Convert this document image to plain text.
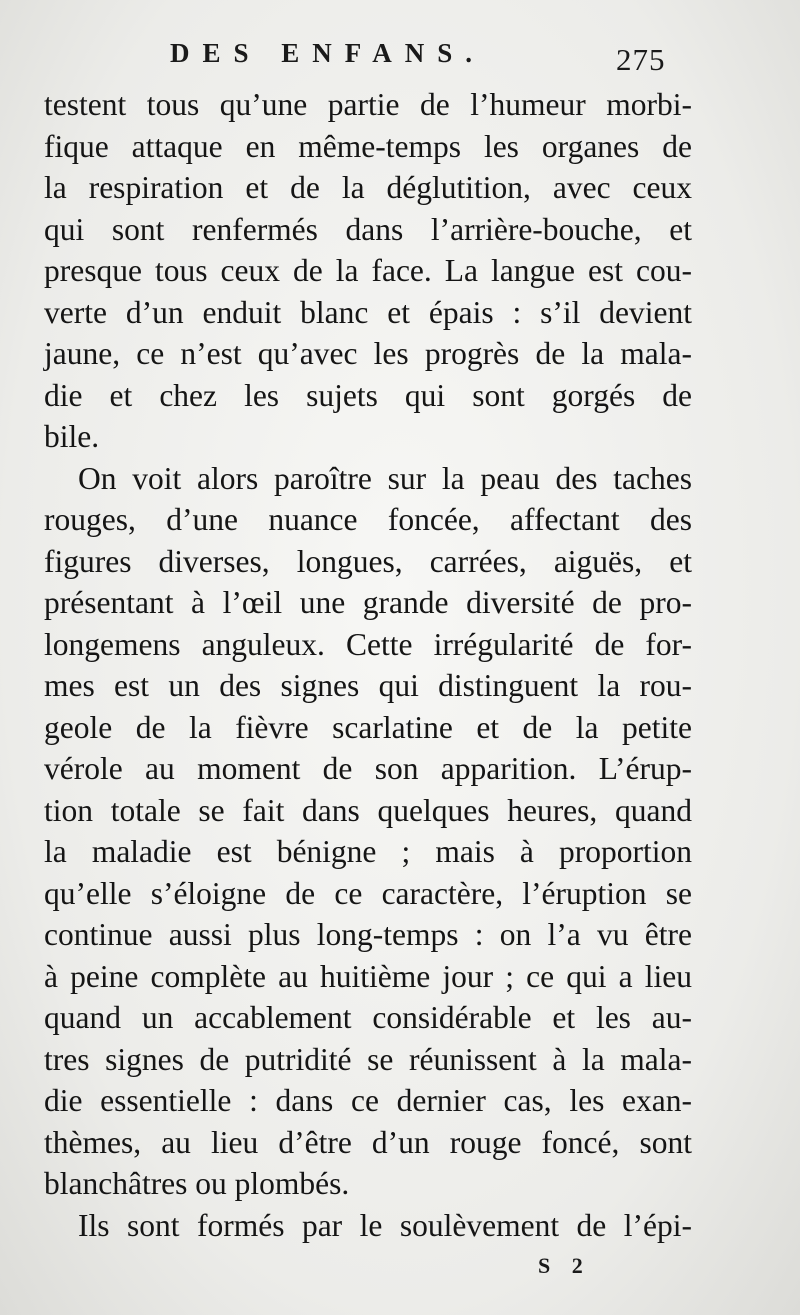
DES ENFANS.	275
testent tous qu’une partie de l’humeur morbi-
fique attaque en même-temps les organes de
la respiration et de la déglutition, avec ceux
qui sont renfermés dans l’arrière-bouche, et
presque tous ceux de la face. La langue est cou-
verte d’un enduit blanc et épais : s’il devient
jaune, ce n’est qu’avec les progrès de la mala-
die et chez les sujets qui sont gorgés de
bile.
On voit alors paroître sur la peau des taches
rouges, d’une nuance foncée, affectant des
figures diverses, longues, carrées, aiguës, et
présentant à l’œil une grande diversité de pro-
longemens anguleux. Cette irrégularité de for-
mes est un des signes qui distinguent la rou-
geole de la fièvre scarlatine et de la petite
vérole au moment de son apparition. L’érup-
tion totale se fait dans quelques heures, quand
la maladie est bénigne ; mais à proportion
qu’elle s’éloigne de ce caractère, l’éruption se
continue aussi plus long-temps : on l’a vu être
à peine complète au huitième jour ; ce qui a lieu
quand un accablement considérable et les au-
tres signes de putridité se réunissent à la mala-
die essentielle : dans ce dernier cas, les exan-
thèmes, au lieu d’être d’un rouge foncé, sont
blanchâtres ou plombés.
Ils sont formés par le soulèvement de l’épi-
S 2
